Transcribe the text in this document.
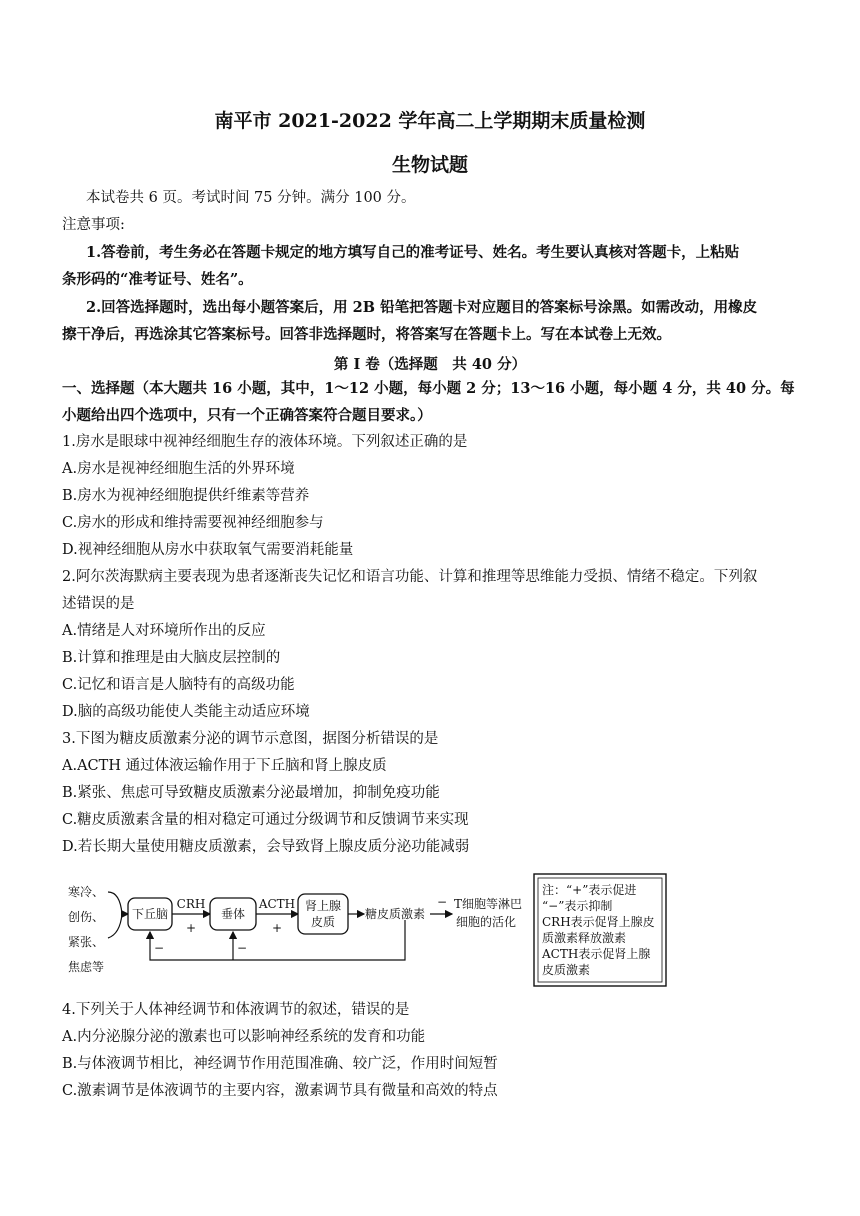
南平市 2021-2022 学年高二上学期期末质量检测
生物试题
本试卷共 6 页。考试时间 75 分钟。满分 100 分。
注意事项:
1.答卷前，考生务必在答题卡规定的地方填写自己的准考证号、姓名。考生要认真核对答题卡，上粘贴
条形码的“准考证号、姓名”。
2.回答选择题时，选出每小题答案后，用 2B 铅笔把答题卡对应题目的答案标号涂黑。如需改动，用橡皮
擦干净后，再选涂其它答案标号。回答非选择题时，将答案写在答题卡上。写在本试卷上无效。
第 I 卷（选择题　共 40 分）
一、选择题（本大题共 16 小题，其中，1～12 小题，每小题 2 分；13～16 小题，每小题 4 分，共 40 分。每
小题给出四个选项中，只有一个正确答案符合题目要求。）
1.房水是眼球中视神经细胞生存的液体环境。下列叙述正确的是
A.房水是视神经细胞生活的外界环境
B.房水为视神经细胞提供纤维素等营养
C.房水的形成和维持需要视神经细胞参与
D.视神经细胞从房水中获取氧气需要消耗能量
2.阿尔茨海默病主要表现为患者逐渐丧失记忆和语言功能、计算和推理等思维能力受损、情绪不稳定。下列叙
述错误的是
A.情绪是人对环境所作出的反应
B.计算和推理是由大脑皮层控制的
C.记忆和语言是人脑特有的高级功能
D.脑的高级功能使人类能主动适应环境
3.下图为糖皮质激素分泌的调节示意图，据图分析错误的是
A.ACTH 通过体液运输作用于下丘脑和肾上腺皮质
B.紧张、焦虑可导致糖皮质激素分泌最增加，抑制免疫功能
C.糖皮质激素含量的相对稳定可通过分级调节和反馈调节来实现
D.若长期大量使用糖皮质激素，会导致肾上腺皮质分泌功能减弱
寒冷、
创伤、
紧张、
焦虑等
下丘脑
CRH
+
垂体
ACTH
+
肾上腺
皮质
糖皮质激素
− T细胞等淋巴
细胞的活化
−	−
注：“+”表示促进
“−”表示抑制
CRH表示促肾上腺皮
质激素释放激素
ACTH表示促肾上腺
皮质激素
4.下列关于人体神经调节和体液调节的叙述，错误的是
A.内分泌腺分泌的激素也可以影响神经系统的发育和功能
B.与体液调节相比，神经调节作用范围准确、较广泛，作用时间短暂
C.激素调节是体液调节的主要内容，激素调节具有微量和高效的特点
